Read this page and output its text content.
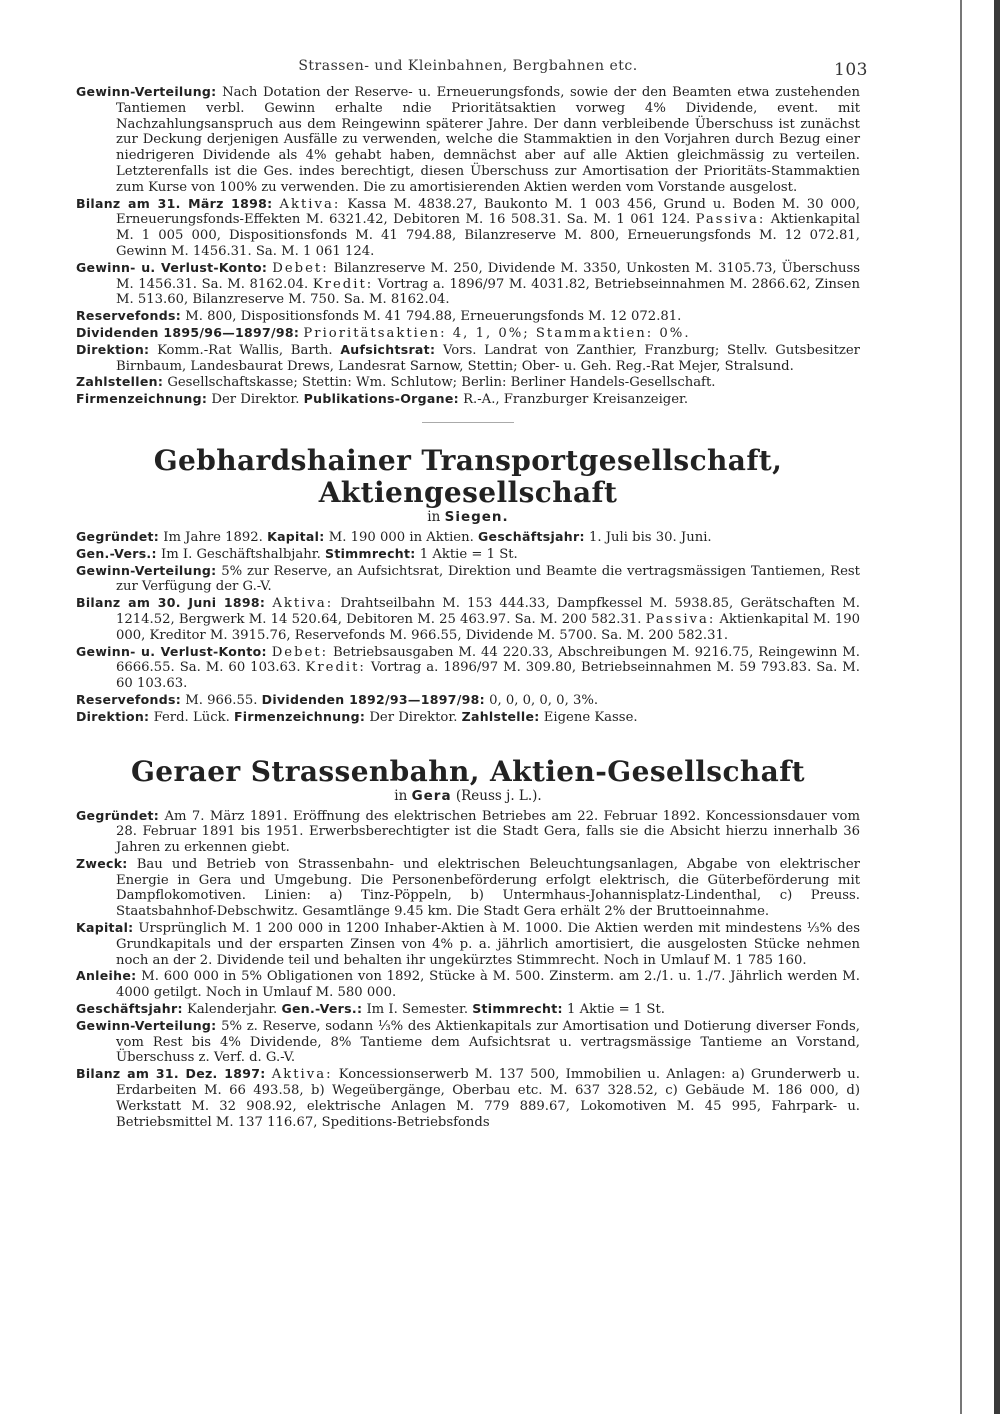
Strassen- und Kleinbahnen, Bergbahnen etc.	103

Gewinn-Verteilung: Nach Dotation der Reserve- u. Erneuerungsfonds, sowie der den Beamten etwa zustehenden Tantiemen verbl. Gewinn erhalte ndie Prioritätsaktien vorweg 4% Dividende, event. mit Nachzahlungsanspruch aus dem Reingewinn späterer Jahre. Der dann verbleibende Überschuss ist zunächst zur Deckung derjenigen Ausfälle zu verwenden, welche die Stammaktien in den Vorjahren durch Bezug einer niedrigeren Dividende als 4% gehabt haben, demnächst aber auf alle Aktien gleichmässig zu verteilen. Letzterenfalls ist die Ges. indes berechtigt, diesen Überschuss zur Amortisation der Prioritäts-Stammaktien zum Kurse von 100% zu verwenden. Die zu amortisierenden Aktien werden vom Vorstande ausgelost.

Bilanz am 31. März 1898: Aktiva: Kassa M. 4838.27, Baukonto M. 1 003 456, Grund u. Boden M. 30 000, Erneuerungsfonds-Effekten M. 6321.42, Debitoren M. 16 508.31. Sa. M. 1 061 124. Passiva: Aktienkapital M. 1 005 000, Dispositionsfonds M. 41 794.88, Bilanzreserve M. 800, Erneuerungsfonds M. 12 072.81, Gewinn M. 1456.31. Sa. M. 1 061 124.

Gewinn- u. Verlust-Konto: Debet: Bilanzreserve M. 250, Dividende M. 3350, Unkosten M. 3105.73, Überschuss M. 1456.31. Sa. M. 8162.04. Kredit: Vortrag a. 1896/97 M. 4031.82, Betriebseinnahmen M. 2866.62, Zinsen M. 513.60, Bilanzreserve M. 750. Sa. M. 8162.04.

Reservefonds: M. 800, Dispositionsfonds M. 41 794.88, Erneuerungsfonds M. 12 072.81.

Dividenden 1895/96—1897/98: Prioritätsaktien: 4, 1, 0%; Stammaktien: 0%.

Direktion: Komm.-Rat Wallis, Barth. Aufsichtsrat: Vors. Landrat von Zanthier, Franzburg; Stellv. Gutsbesitzer Birnbaum, Landesbaurat Drews, Landesrat Sarnow, Stettin; Ober- u. Geh. Reg.-Rat Mejer, Stralsund.

Zahlstellen: Gesellschaftskasse; Stettin: Wm. Schlutow; Berlin: Berliner Handels-Gesellschaft.

Firmenzeichnung: Der Direktor. Publikations-Organe: R.-A., Franzburger Kreisanzeiger.

Gebhardshainer Transportgesellschaft, Aktiengesellschaft

in Siegen.

Gegründet: Im Jahre 1892. Kapital: M. 190 000 in Aktien. Geschäftsjahr: 1. Juli bis 30. Juni.

Gen.-Vers.: Im I. Geschäftshalbjahr. Stimmrecht: 1 Aktie = 1 St.

Gewinn-Verteilung: 5% zur Reserve, an Aufsichtsrat, Direktion und Beamte die vertragsmässigen Tantiemen, Rest zur Verfügung der G.-V.

Bilanz am 30. Juni 1898: Aktiva: Drahtseilbahn M. 153 444.33, Dampfkessel M. 5938.85, Gerätschaften M. 1214.52, Bergwerk M. 14 520.64, Debitoren M. 25 463.97. Sa. M. 200 582.31. Passiva: Aktienkapital M. 190 000, Kreditor M. 3915.76, Reservefonds M. 966.55, Dividende M. 5700. Sa. M. 200 582.31.

Gewinn- u. Verlust-Konto: Debet: Betriebsausgaben M. 44 220.33, Abschreibungen M. 9216.75, Reingewinn M. 6666.55. Sa. M. 60 103.63. Kredit: Vortrag a. 1896/97 M. 309.80, Betriebseinnahmen M. 59 793.83. Sa. M. 60 103.63.

Reservefonds: M. 966.55. Dividenden 1892/93—1897/98: 0, 0, 0, 0, 0, 3%.

Direktion: Ferd. Lück. Firmenzeichnung: Der Direktor. Zahlstelle: Eigene Kasse.

Geraer Strassenbahn, Aktien-Gesellschaft

in Gera (Reuss j. L.).

Gegründet: Am 7. März 1891. Eröffnung des elektrischen Betriebes am 22. Februar 1892. Koncessionsdauer vom 28. Februar 1891 bis 1951. Erwerbsberechtigter ist die Stadt Gera, falls sie die Absicht hierzu innerhalb 36 Jahren zu erkennen giebt.

Zweck: Bau und Betrieb von Strassenbahn- und elektrischen Beleuchtungsanlagen, Abgabe von elektrischer Energie in Gera und Umgebung. Die Personenbeförderung erfolgt elektrisch, die Güterbeförderung mit Dampflokomotiven. Linien: a) Tinz-Pöppeln, b) Untermhaus-Johannisplatz-Lindenthal, c) Preuss. Staatsbahnhof-Debschwitz. Gesamtlänge 9.45 km. Die Stadt Gera erhält 2% der Bruttoeinnahme.

Kapital: Ursprünglich M. 1 200 000 in 1200 Inhaber-Aktien à M. 1000. Die Aktien werden mit mindestens ⅓% des Grundkapitals und der ersparten Zinsen von 4% p. a. jährlich amortisiert, die ausgelosten Stücke nehmen noch an der 2. Dividende teil und behalten ihr ungekürztes Stimmrecht. Noch in Umlauf M. 1 785 160.

Anleihe: M. 600 000 in 5% Obligationen von 1892, Stücke à M. 500. Zinsterm. am 2./1. u. 1./7. Jährlich werden M. 4000 getilgt. Noch in Umlauf M. 580 000.

Geschäftsjahr: Kalenderjahr. Gen.-Vers.: Im I. Semester. Stimmrecht: 1 Aktie = 1 St.

Gewinn-Verteilung: 5% z. Reserve, sodann ⅓% des Aktienkapitals zur Amortisation und Dotierung diverser Fonds, vom Rest bis 4% Dividende, 8% Tantieme dem Aufsichtsrat u. vertragsmässige Tantieme an Vorstand, Überschuss z. Verf. d. G.-V.

Bilanz am 31. Dez. 1897: Aktiva: Koncessionserwerb M. 137 500, Immobilien u. Anlagen: a) Grunderwerb u. Erdarbeiten M. 66 493.58, b) Wegeübergänge, Oberbau etc. M. 637 328.52, c) Gebäude M. 186 000, d) Werkstatt M. 32 908.92, elektrische Anlagen M. 779 889.67, Lokomotiven M. 45 995, Fahrpark- u. Betriebsmittel M. 137 116.67, Speditions-Betriebsfonds
